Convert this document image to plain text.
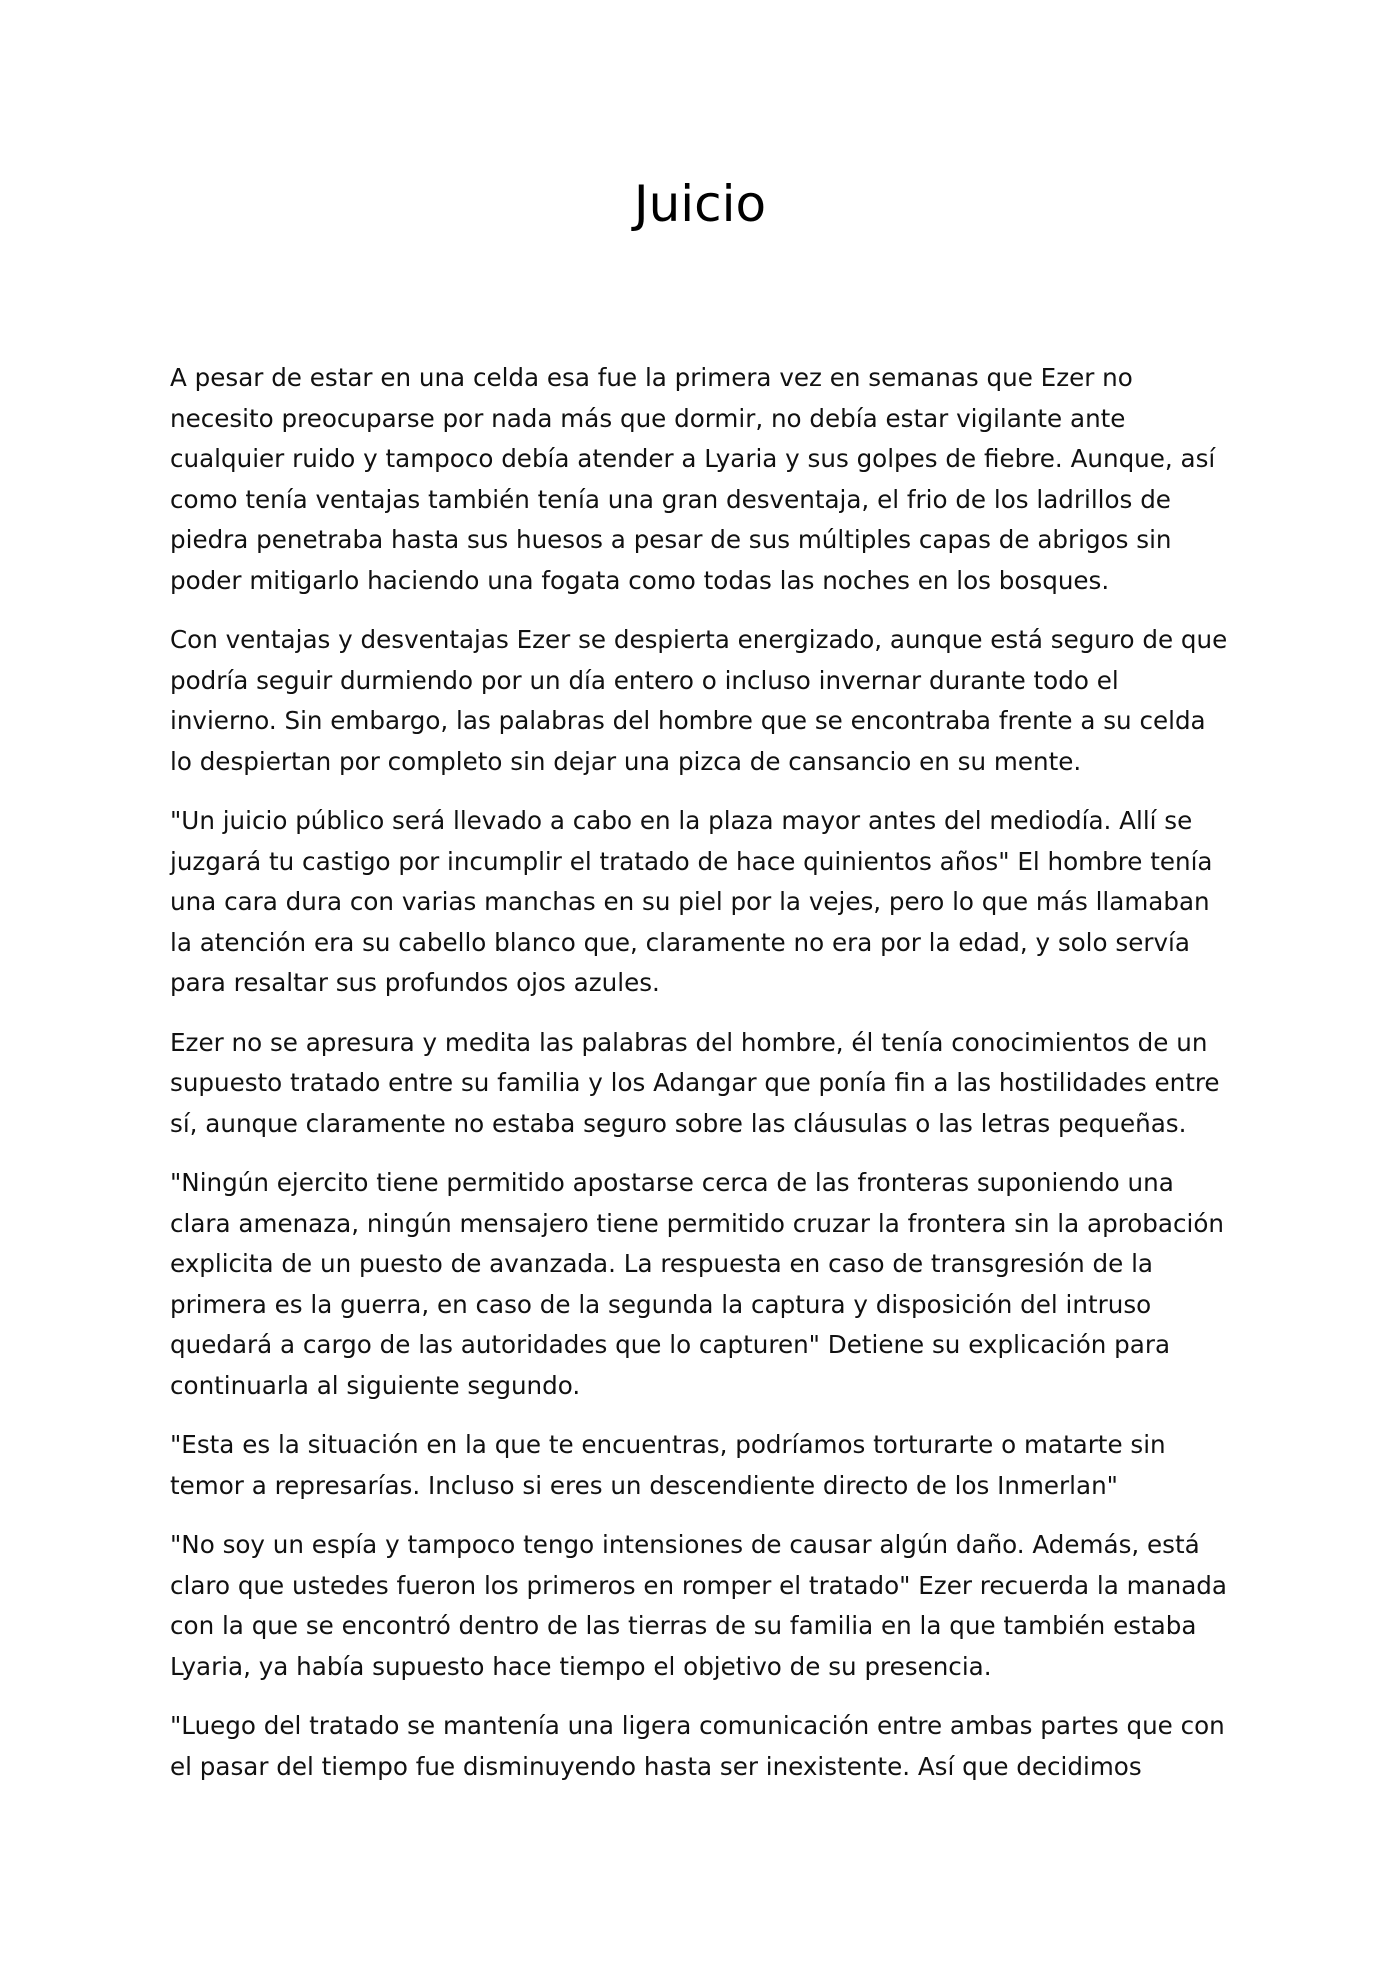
Juicio

A pesar de estar en una celda esa fue la primera vez en semanas que Ezer no necesito preocuparse por nada más que dormir, no debía estar vigilante ante cualquier ruido y tampoco debía atender a Lyaria y sus golpes de fiebre. Aunque, así como tenía ventajas también tenía una gran desventaja, el frio de los ladrillos de piedra penetraba hasta sus huesos a pesar de sus múltiples capas de abrigos sin poder mitigarlo haciendo una fogata como todas las noches en los bosques.

Con ventajas y desventajas Ezer se despierta energizado, aunque está seguro de que podría seguir durmiendo por un día entero o incluso invernar durante todo el invierno. Sin embargo, las palabras del hombre que se encontraba frente a su celda lo despiertan por completo sin dejar una pizca de cansancio en su mente.

"Un juicio público será llevado a cabo en la plaza mayor antes del mediodía. Allí se juzgará tu castigo por incumplir el tratado de hace quinientos años" El hombre tenía una cara dura con varias manchas en su piel por la vejes, pero lo que más llamaban la atención era su cabello blanco que, claramente no era por la edad, y solo servía para resaltar sus profundos ojos azules.

Ezer no se apresura y medita las palabras del hombre, él tenía conocimientos de un supuesto tratado entre su familia y los Adangar que ponía fin a las hostilidades entre sí, aunque claramente no estaba seguro sobre las cláusulas o las letras pequeñas.

"Ningún ejercito tiene permitido apostarse cerca de las fronteras suponiendo una clara amenaza, ningún mensajero tiene permitido cruzar la frontera sin la aprobación explicita de un puesto de avanzada. La respuesta en caso de transgresión de la primera es la guerra, en caso de la segunda la captura y disposición del intruso quedará a cargo de las autoridades que lo capturen" Detiene su explicación para continuarla al siguiente segundo.

"Esta es la situación en la que te encuentras, podríamos torturarte o matarte sin temor a represarías. Incluso si eres un descendiente directo de los Inmerlan"

"No soy un espía y tampoco tengo intensiones de causar algún daño. Además, está claro que ustedes fueron los primeros en romper el tratado" Ezer recuerda la manada con la que se encontró dentro de las tierras de su familia en la que también estaba Lyaria, ya había supuesto hace tiempo el objetivo de su presencia.

"Luego del tratado se mantenía una ligera comunicación entre ambas partes que con el pasar del tiempo fue disminuyendo hasta ser inexistente. Así que decidimos
